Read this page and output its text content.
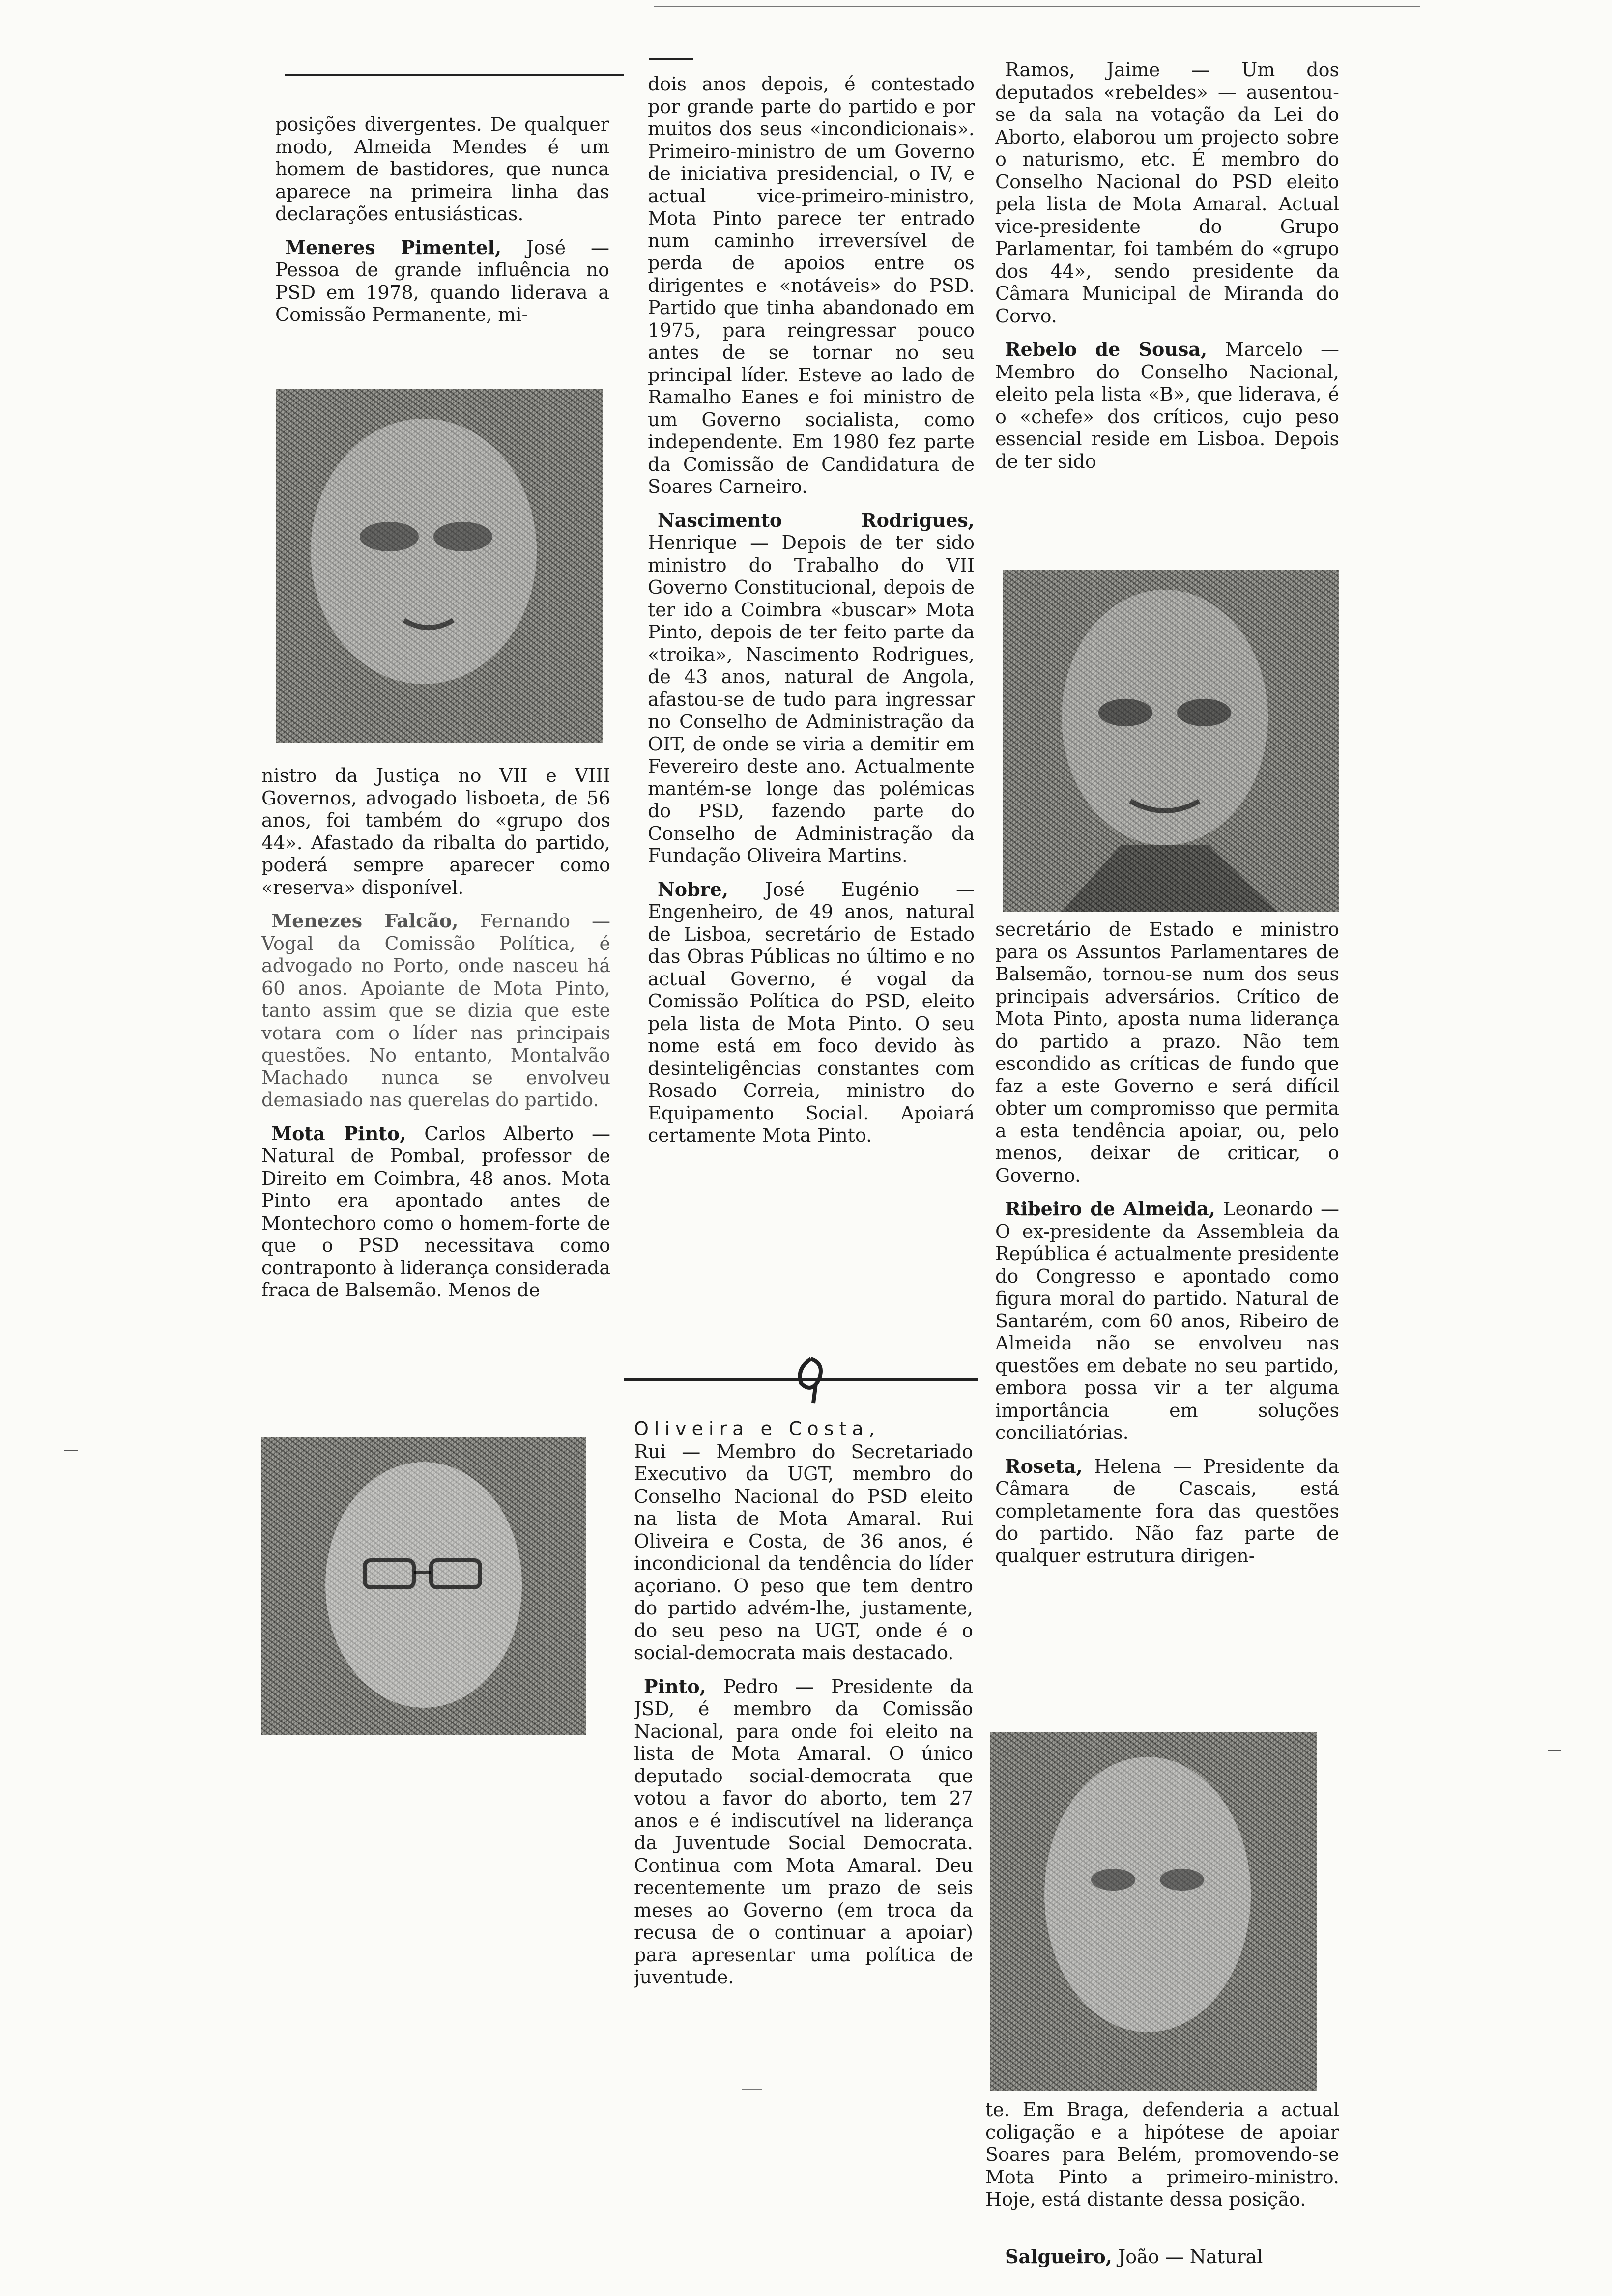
posições divergentes. De qualquer modo, Almeida Mendes é um homem de bastidores, que nunca aparece na primeira linha das declarações entusiásticas.

Meneres Pimentel, José — Pessoa de grande influência no PSD em 1978, quando liderava a Comissão Permanente, mi-

nistro da Justiça no VII e VIII Governos, advogado lisboeta, de 56 anos, foi também do «grupo dos 44». Afastado da ribalta do partido, poderá sempre aparecer como «reserva» disponível.

Menezes Falcão, Fernando — Vogal da Comissão Política, é advogado no Porto, onde nasceu há 60 anos. Apoiante de Mota Pinto, tanto assim que se dizia que este votara com o líder nas principais questões. No entanto, Montalvão Machado nunca se envolveu demasiado nas querelas do partido.

Mota Pinto, Carlos Alberto — Natural de Pombal, professor de Direito em Coimbra, 48 anos. Mota Pinto era apontado antes de Montechoro como o homem-forte de que o PSD necessitava como contraponto à liderança considerada fraca de Balsemão. Menos de

dois anos depois, é contestado por grande parte do partido e por muitos dos seus «incondicionais». Primeiro-ministro de um Governo de iniciativa presidencial, o IV, e actual vice-primeiro-ministro, Mota Pinto parece ter entrado num caminho irreversível de perda de apoios entre os dirigentes e «notáveis» do PSD. Partido que tinha abandonado em 1975, para reingressar pouco antes de se tornar no seu principal líder. Esteve ao lado de Ramalho Eanes e foi ministro de um Governo socialista, como independente. Em 1980 fez parte da Comissão de Candidatura de Soares Carneiro.

Nascimento Rodrigues, Henrique — Depois de ter sido ministro do Trabalho do VII Governo Constitucional, depois de ter ido a Coimbra «buscar» Mota Pinto, depois de ter feito parte da «troika», Nascimento Rodrigues, de 43 anos, natural de Angola, afastou-se de tudo para ingressar no Conselho de Administração da OIT, de onde se viria a demitir em Fevereiro deste ano. Actualmente mantém-se longe das polémicas do PSD, fazendo parte do Conselho de Administração da Fundação Oliveira Martins.

Nobre, José Eugénio — Engenheiro, de 49 anos, natural de Lisboa, secretário de Estado das Obras Públicas no último e no actual Governo, é vogal da Comissão Política do PSD, eleito pela lista de Mota Pinto. O seu nome está em foco devido às desinteligências constantes com Rosado Correia, ministro do Equipamento Social. Apoiará certamente Mota Pinto.

Oliveira e Costa,

Rui — Membro do Secretariado Executivo da UGT, membro do Conselho Nacional do PSD eleito na lista de Mota Amaral. Rui Oliveira e Costa, de 36 anos, é incondicional da tendência do líder açoriano. O peso que tem dentro do partido advém-lhe, justamente, do seu peso na UGT, onde é o social-democrata mais destacado.

Pinto, Pedro — Presidente da JSD, é membro da Comissão Nacional, para onde foi eleito na lista de Mota Amaral. O único deputado social-democrata que votou a favor do aborto, tem 27 anos e é indiscutível na liderança da Juventude Social Democrata. Continua com Mota Amaral. Deu recentemente um prazo de seis meses ao Governo (em troca da recusa de o continuar a apoiar) para apresentar uma política de juventude.

Ramos, Jaime — Um dos deputados «rebeldes» — ausentou-se da sala na votação da Lei do Aborto, elaborou um projecto sobre o naturismo, etc. É membro do Conselho Nacional do PSD eleito pela lista de Mota Amaral. Actual vice-presidente do Grupo Parlamentar, foi também do «grupo dos 44», sendo presidente da Câmara Municipal de Miranda do Corvo.

Rebelo de Sousa, Marcelo — Membro do Conselho Nacional, eleito pela lista «B», que liderava, é o «chefe» dos críticos, cujo peso essencial reside em Lisboa. Depois de ter sido

secretário de Estado e ministro para os Assuntos Parlamentares de Balsemão, tornou-se num dos seus principais adversários. Crítico de Mota Pinto, aposta numa liderança do partido a prazo. Não tem escondido as críticas de fundo que faz a este Governo e será difícil obter um compromisso que permita a esta tendência apoiar, ou, pelo menos, deixar de criticar, o Governo.

Ribeiro de Almeida, Leonardo — O ex-presidente da Assembleia da República é actualmente presidente do Congresso e apontado como figura moral do partido. Natural de Santarém, com 60 anos, Ribeiro de Almeida não se envolveu nas questões em debate no seu partido, embora possa vir a ter alguma importância em soluções conciliatórias.

Roseta, Helena — Presidente da Câmara de Cascais, está completamente fora das questões do partido. Não faz parte de qualquer estrutura dirigen-

te. Em Braga, defenderia a actual coligação e a hipótese de apoiar Soares para Belém, promovendo-se Mota Pinto a primeiro-ministro. Hoje, está distante dessa posição.

Salgueiro, João — Natural
